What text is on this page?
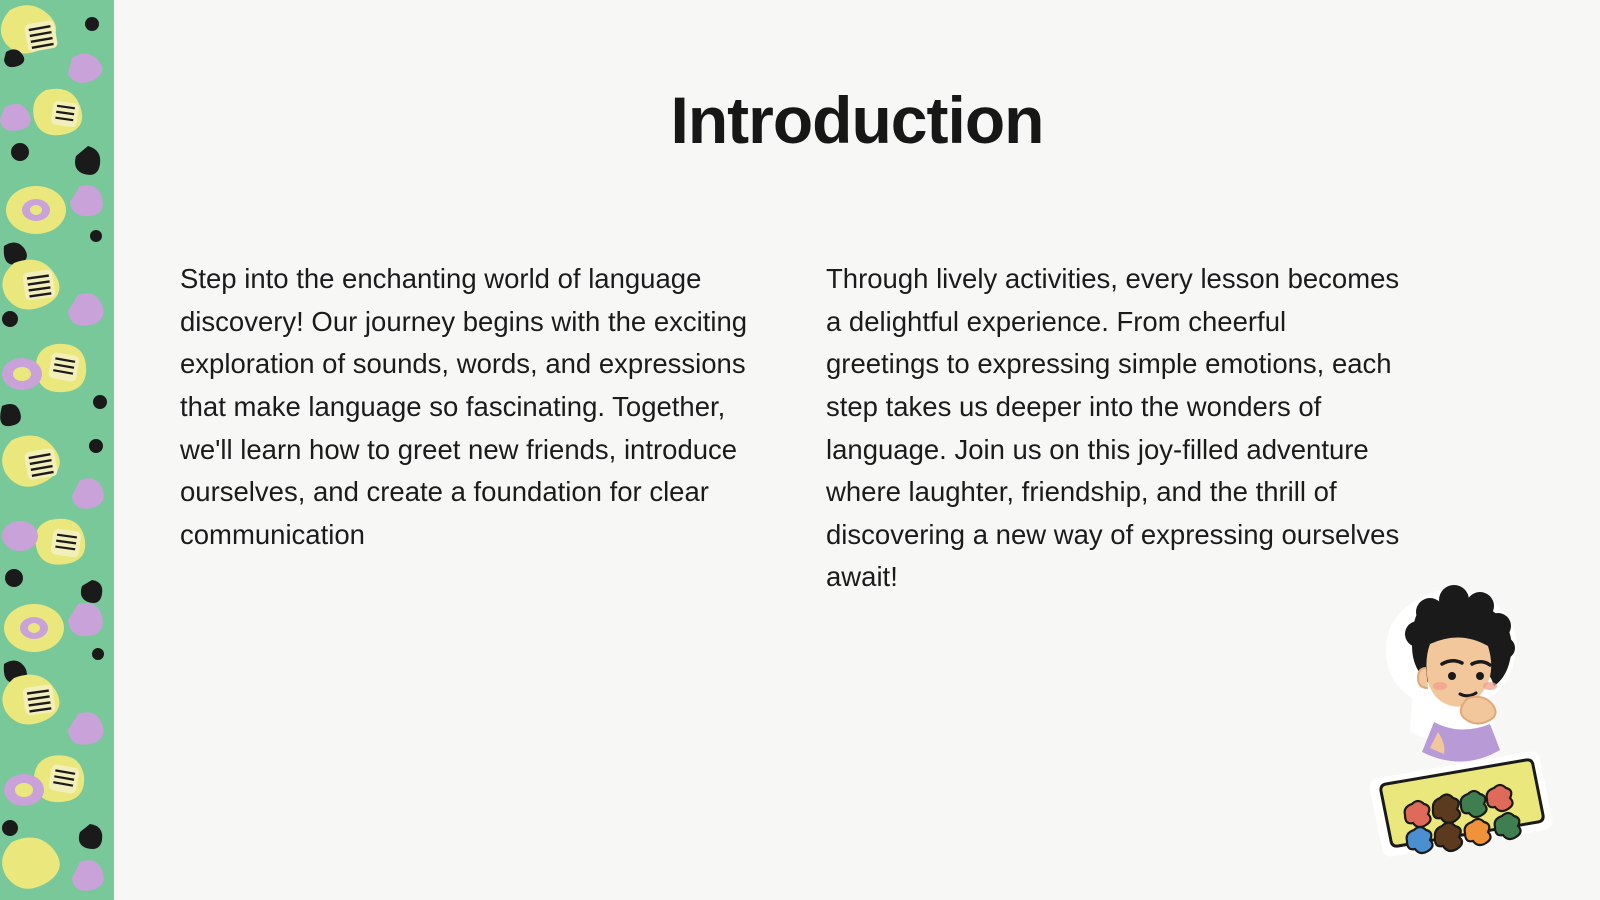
Introduction

Step into the enchanting world of language discovery! Our journey begins with the exciting exploration of sounds, words, and expressions that make language so fascinating. Together, we'll learn how to greet new friends, introduce ourselves, and create a foundation for clear communication

Through lively activities, every lesson becomes a delightful experience. From cheerful greetings to expressing simple emotions, each step takes us deeper into the wonders of language. Join us on this joy-filled adventure where laughter, friendship, and the thrill of discovering a new way of expressing ourselves await!
